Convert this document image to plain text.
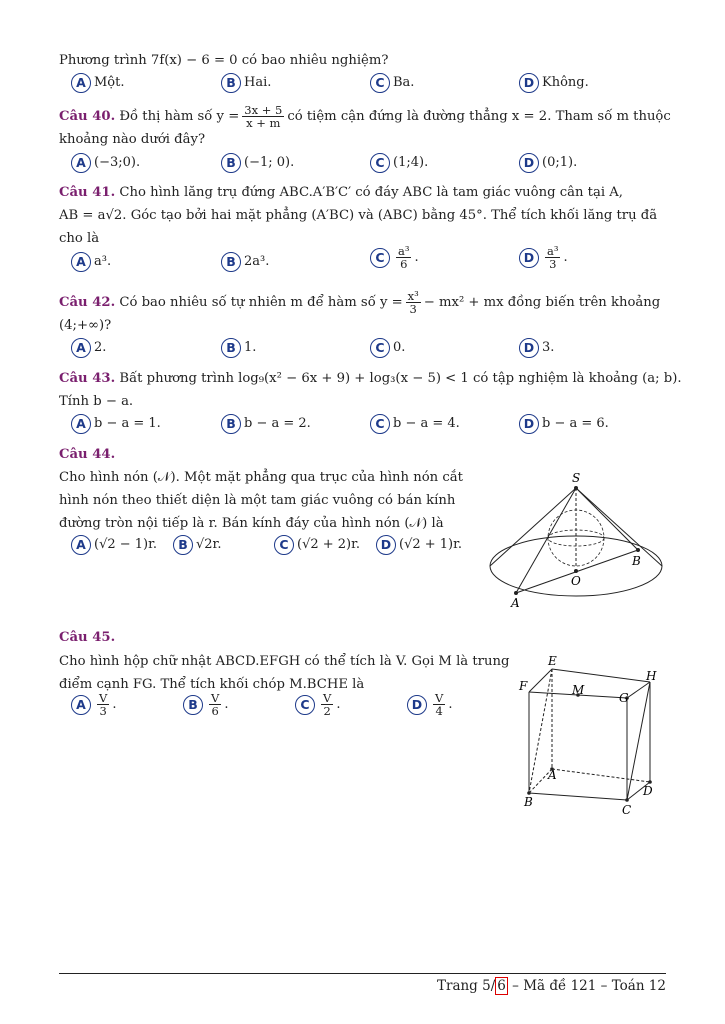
Phương trình 7f(x) − 6 = 0 có bao nhiêu nghiệm?
A Một.	B Hai.	C Ba.	D Không.
Câu 40.
Đồ thị hàm số $y = \frac{3x + 5}{x + m}$ có tiệm cận đứng là đường thẳng x = 2. Tham số m thuộc
khoảng nào dưới đây?
A (−3;0).	B (−1; 0).	C (1;4).	D (0;1).
Câu 41. Cho hình lăng trụ đứng ABC.A′B′C′ có đáy ABC là tam giác vuông cân tại A,
AB = a√2. Góc tạo bởi hai mặt phẳng (A′BC) và (ABC) bằng 45°. Thể tích khối lăng trụ đã
cho là
A a³.	B 2a³.	C $\frac{\text{a³}}{6}$ .	D $\frac{\text{a³}}{3}$ .
Câu 42.
Có bao nhiêu số tự nhiên m để hàm số $y = \frac{\text{x³}}{3} - mx^2$ + mx đồng biến trên khoảng
(4;+∞)?
A 2.	B 1.	C 0.	D 3.
Câu 43. Bất phương trình log₉(x² − 6x + 9) + log₃(x − 5) < 1 có tập nghiệm là khoảng (a; b).
Tính b − a.
A b − a = 1.	B b − a = 2.	C b − a = 4.	D b − a = 6.
Câu 44.
Cho hình nón (𝒩). Một mặt phẳng qua trục của hình nón cắt
hình nón theo thiết diện là một tam giác vuông có bán kính
đường tròn nội tiếp là r. Bán kính đáy của hình nón (𝒩) là
A (√2 − 1)r.	B √2r.	C (√2 + 2)r.	D (√2 + 1)r.
S
B
O
A
Câu 45.
Cho hình hộp chữ nhật ABCD.EFGH có thể tích là V. Gọi M là trung
điểm cạnh FG. Thể tích khối chóp M.BCHE là
A $\frac{V}{3}$ .	B $\frac{V}{6}$ .	C $\frac{V}{2}$ .	D $\frac{V}{4}$ .
E
H
F	M
G
A
D
B
C
Trang 5/ 6 – Mã đề 121 – Toán 12
